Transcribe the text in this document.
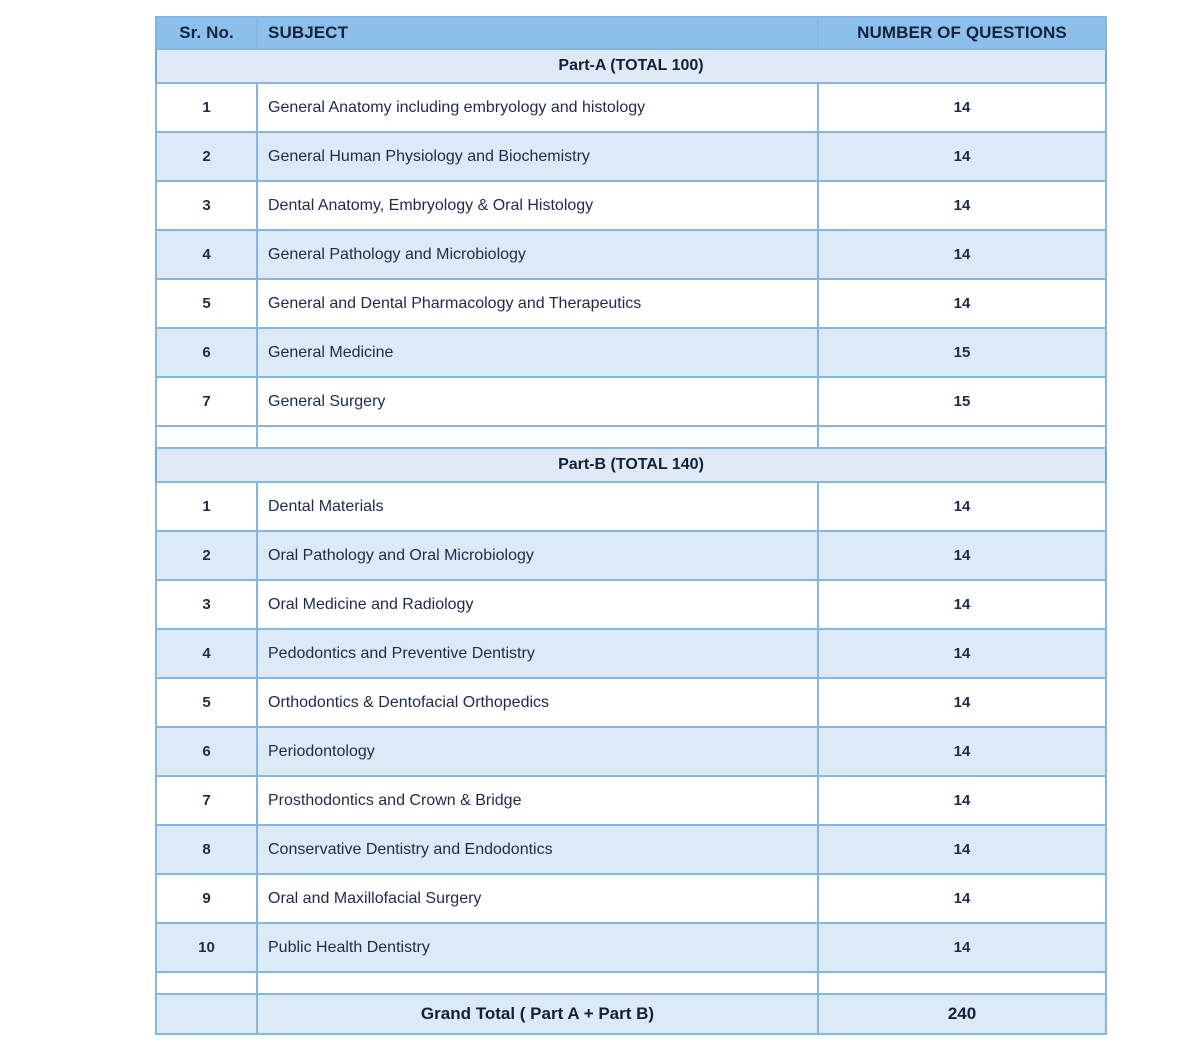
Sr. No.	SUBJECT	NUMBER OF QUESTIONS
Part-A (TOTAL 100)		
1	General Anatomy including embryology and histology	14
2	General Human Physiology and Biochemistry	14
3	Dental Anatomy, Embryology & Oral Histology	14
4	General Pathology and Microbiology	14
5	General and Dental Pharmacology and Therapeutics	14
6	General Medicine	15
7	General Surgery	15

Part-B (TOTAL 140)		
1	Dental Materials	14
2	Oral Pathology and Oral Microbiology	14
3	Oral Medicine and Radiology	14
4	Pedodontics and Preventive Dentistry	14
5	Orthodontics & Dentofacial Orthopedics	14
6	Periodontology	14
7	Prosthodontics and Crown & Bridge	14
8	Conservative Dentistry and Endodontics	14
9	Oral and Maxillofacial Surgery	14
10	Public Health Dentistry	14

	Grand Total ( Part A + Part B)	240
